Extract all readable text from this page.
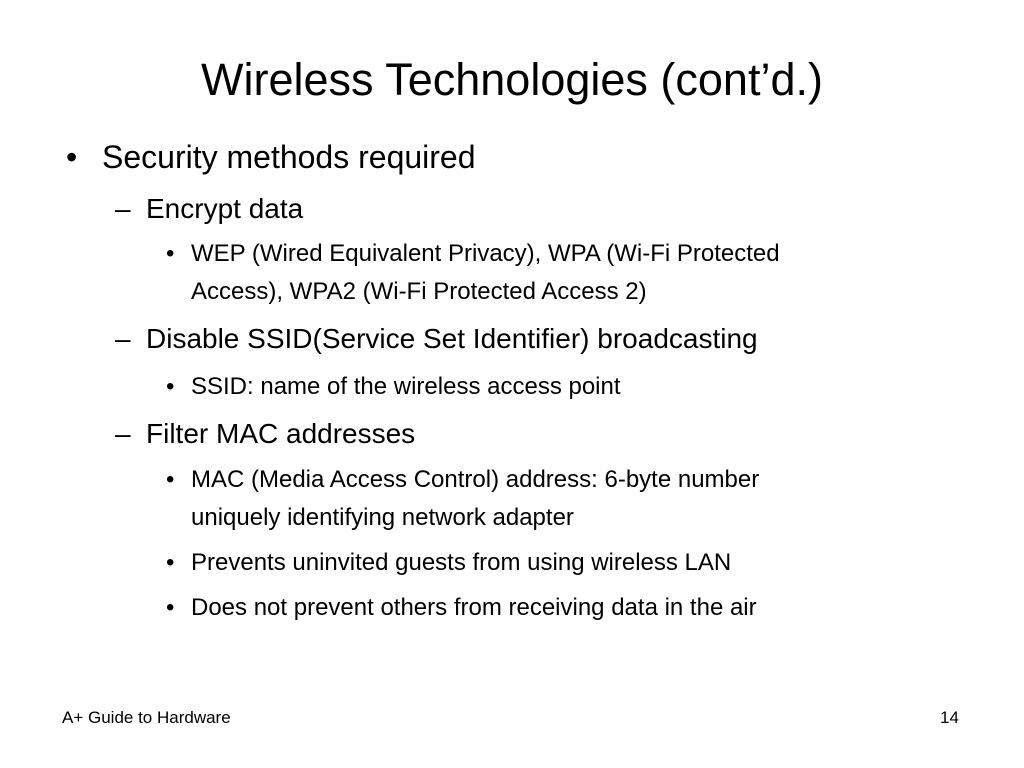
Wireless Technologies (cont’d.)
• Security methods required
– Encrypt data
• WEP (Wired Equivalent Privacy), WPA (Wi-Fi Protected
Access), WPA2 (Wi-Fi Protected Access 2)
– Disable SSID(Service Set Identifier) broadcasting
• SSID: name of the wireless access point
– Filter MAC addresses
• MAC (Media Access Control) address: 6-byte number
uniquely identifying network adapter
• Prevents uninvited guests from using wireless LAN
• Does not prevent others from receiving data in the air
A+ Guide to Hardware	14
